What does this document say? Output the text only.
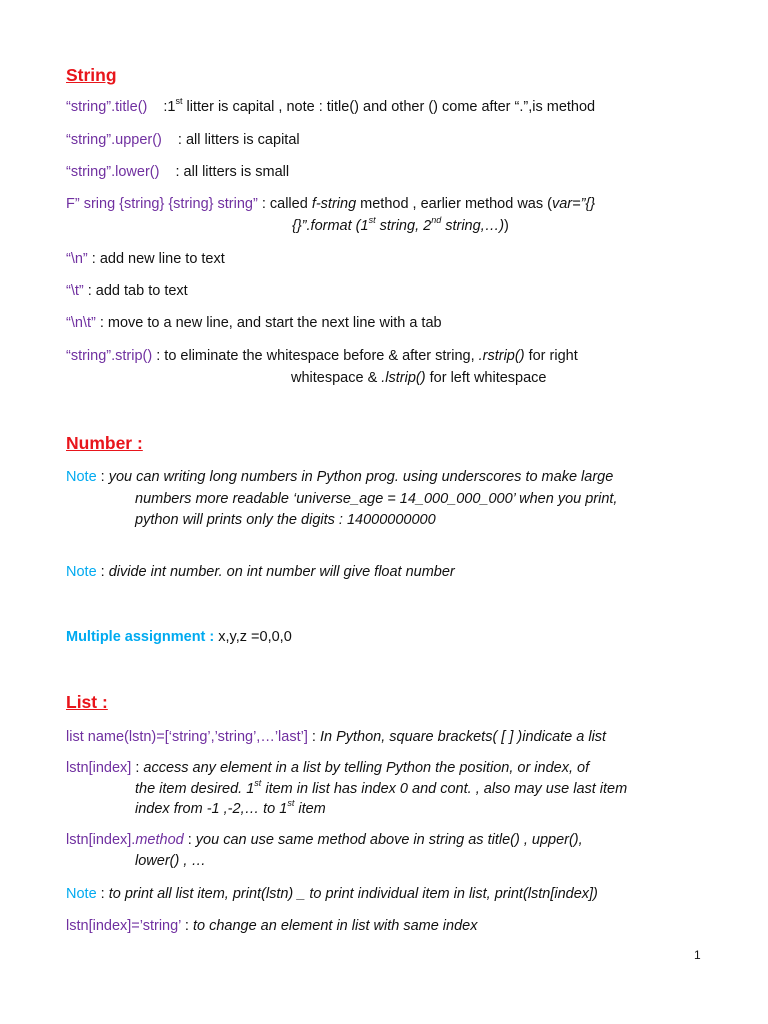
String
“string”.title() :1st litter is capital , note : title() and other () come after “.”,is method
“string”.upper() : all litters is capital
“string”.lower() : all litters is small
F” sring {string} {string} string” : called f-string method , earlier method was (var=”{}
{}”.format (1st string, 2nd string,…))
“\n” : add new line to text
“\t” : add tab to text
“\n\t” : move to a new line, and start the next line with a tab
“string”.strip() : to eliminate the whitespace before & after string, .rstrip() for right
whitespace & .lstrip() for left whitespace
Number :
Note : you can writing long numbers in Python prog. using underscores to make large
numbers more readable ‘universe_age = 14_000_000_000’ when you print,
python will prints only the digits : 14000000000
Note : divide int number. on int number will give float number
Multiple assignment : x,y,z =0,0,0
List :
list name(lstn)=[‘string’,’string’,…’last’] : In Python, square brackets( [ ] )indicate a list
lstn[index] : access any element in a list by telling Python the position, or index, of
the item desired. 1st item in list has index 0 and cont. , also may use last item
index from -1 ,-2,… to 1st item
lstn[index].method : you can use same method above in string as title() , upper(),
lower() , …
Note : to print all list item, print(lstn) _ to print individual item in list, print(lstn[index])
lstn[index]=’string’ : to change an element in list with same index
1
